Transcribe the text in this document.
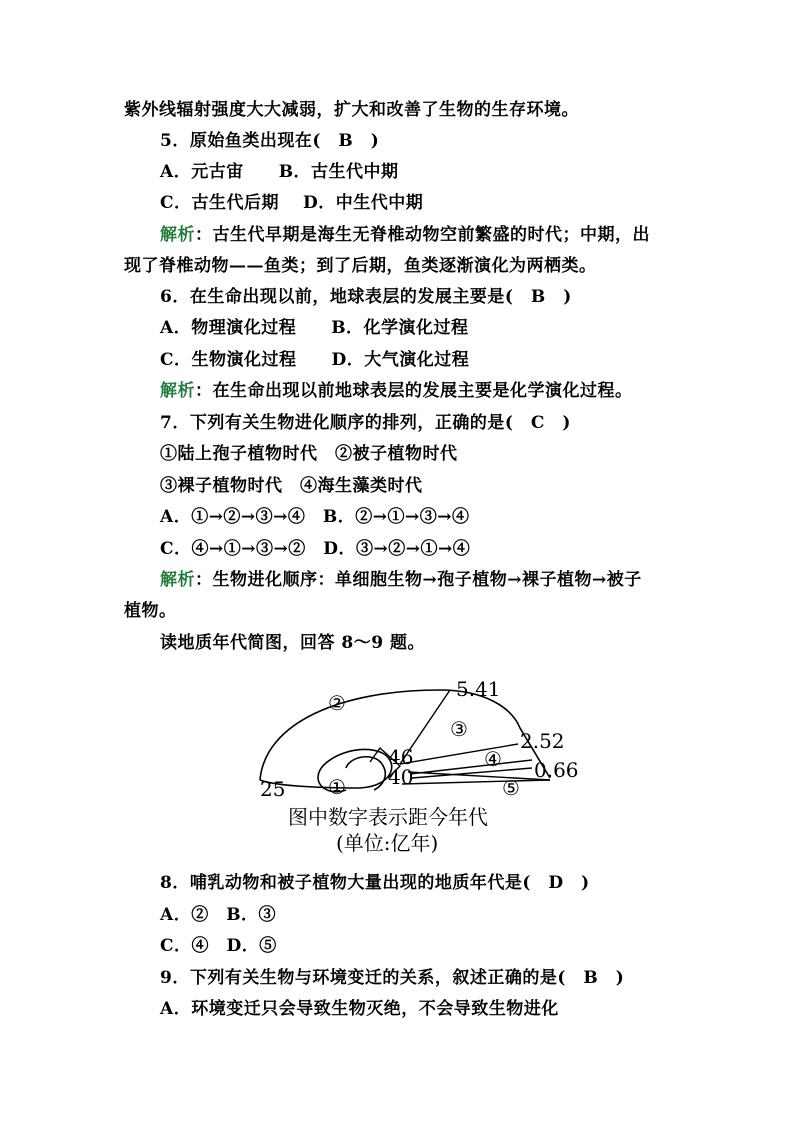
紫外线辐射强度大大减弱，扩大和改善了生物的生存环境。
5．原始鱼类出现在(　B　)
A．元古宙　　B．古生代中期
C．古生代后期　 D．中生代中期
解析：古生代早期是海生无脊椎动物空前繁盛的时代；中期，出
现了脊椎动物——鱼类；到了后期，鱼类逐渐演化为两栖类。
6．在生命出现以前，地球表层的发展主要是(　B　)
A．物理演化过程　　B．化学演化过程
C．生物演化过程　　D．大气演化过程
解析：在生命出现以前地球表层的发展主要是化学演化过程。
7．下列有关生物进化顺序的排列，正确的是(　C　)
①陆上孢子植物时代　②被子植物时代
③裸子植物时代　④海生藻类时代
A．①→②→③→④　B．②→①→③→④
C．④→①→③→②　D．③→②→①→④
解析：生物进化顺序：单细胞生物→孢子植物→裸子植物→被子
植物。
读地质年代简图，回答 8～9 题。
②
③
④
⑤
①
5.41
2.52
0.66
46
40
25
图中数字表示距今年代
(单位:亿年)
8．哺乳动物和被子植物大量出现的地质年代是(　D　)
A．②　B．③
C．④　D．⑤
9．下列有关生物与环境变迁的关系，叙述正确的是(　B　)
A．环境变迁只会导致生物灭绝，不会导致生物进化
